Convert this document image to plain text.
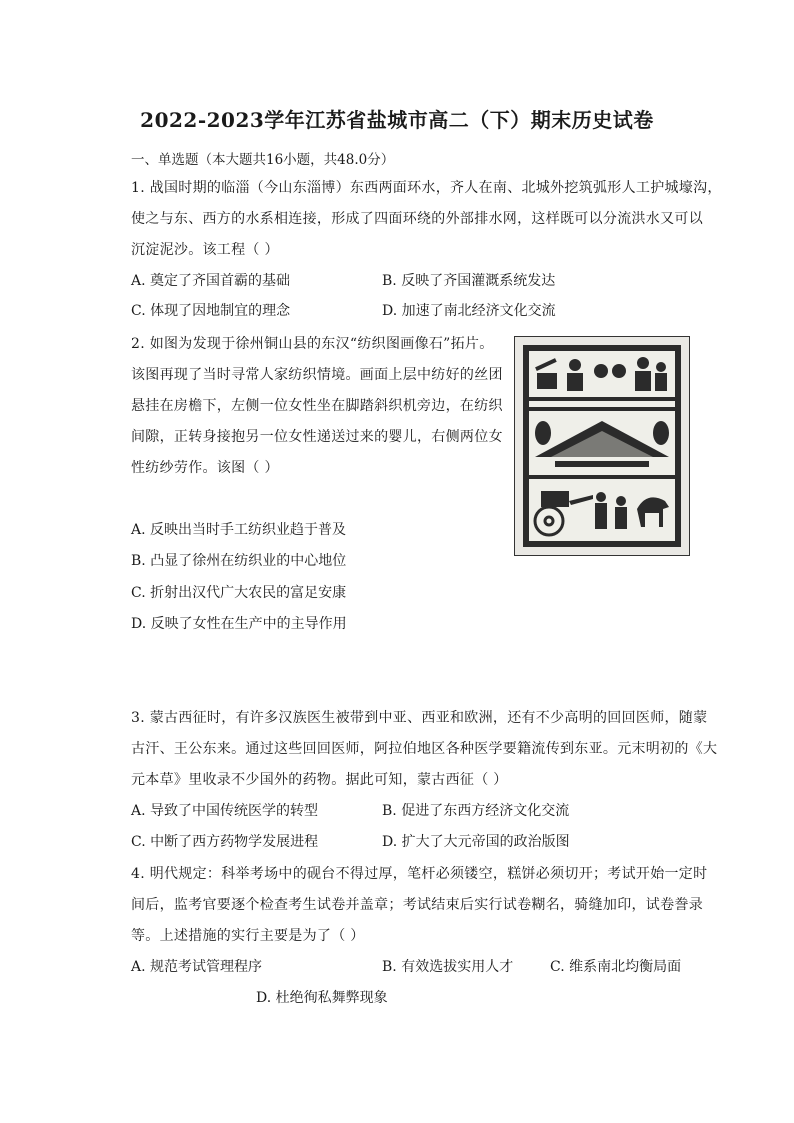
2022-2023学年江苏省盐城市高二（下）期末历史试卷
一、单选题（本大题共16小题，共48.0分）
1. 战国时期的临淄（今山东淄博）东西两面环水，齐人在南、北城外挖筑弧形人工护城壕沟，
使之与东、西方的水系相连接，形成了四面环绕的外部排水网，这样既可以分流洪水又可以
沉淀泥沙。该工程（ ）
A. 奠定了齐国首霸的基础	B. 反映了齐国灌溉系统发达
C. 体现了因地制宜的理念	D. 加速了南北经济文化交流
2. 如图为发现于徐州铜山县的东汉“纺织图画像石”拓片。
该图再现了当时寻常人家纺织情境。画面上层中纺好的丝团
悬挂在房檐下，左侧一位女性坐在脚踏斜织机旁边，在纺织
间隙，正转身接抱另一位女性递送过来的婴儿，右侧两位女
性纺纱劳作。该图（ ）
A. 反映出当时手工纺织业趋于普及
B. 凸显了徐州在纺织业的中心地位
C. 折射出汉代广大农民的富足安康
D. 反映了女性在生产中的主导作用
3. 蒙古西征时，有许多汉族医生被带到中亚、西亚和欧洲，还有不少高明的回回医师，随蒙
古汗、王公东来。通过这些回回医师，阿拉伯地区各种医学要籍流传到东亚。元末明初的《大
元本草》里收录不少国外的药物。据此可知，蒙古西征（ ）
A. 导致了中国传统医学的转型	B. 促进了东西方经济文化交流
C. 中断了西方药物学发展进程	D. 扩大了大元帝国的政治版图
4. 明代规定：科举考场中的砚台不得过厚，笔杆必须镂空，糕饼必须切开；考试开始一定时
间后，监考官要逐个检查考生试卷并盖章；考试结束后实行试卷糊名，骑缝加印，试卷誊录
等。上述措施的实行主要是为了（ ）
A. 规范考试管理程序	B. 有效选拔实用人才	C. 维系南北均衡局面
D. 杜绝徇私舞弊现象
